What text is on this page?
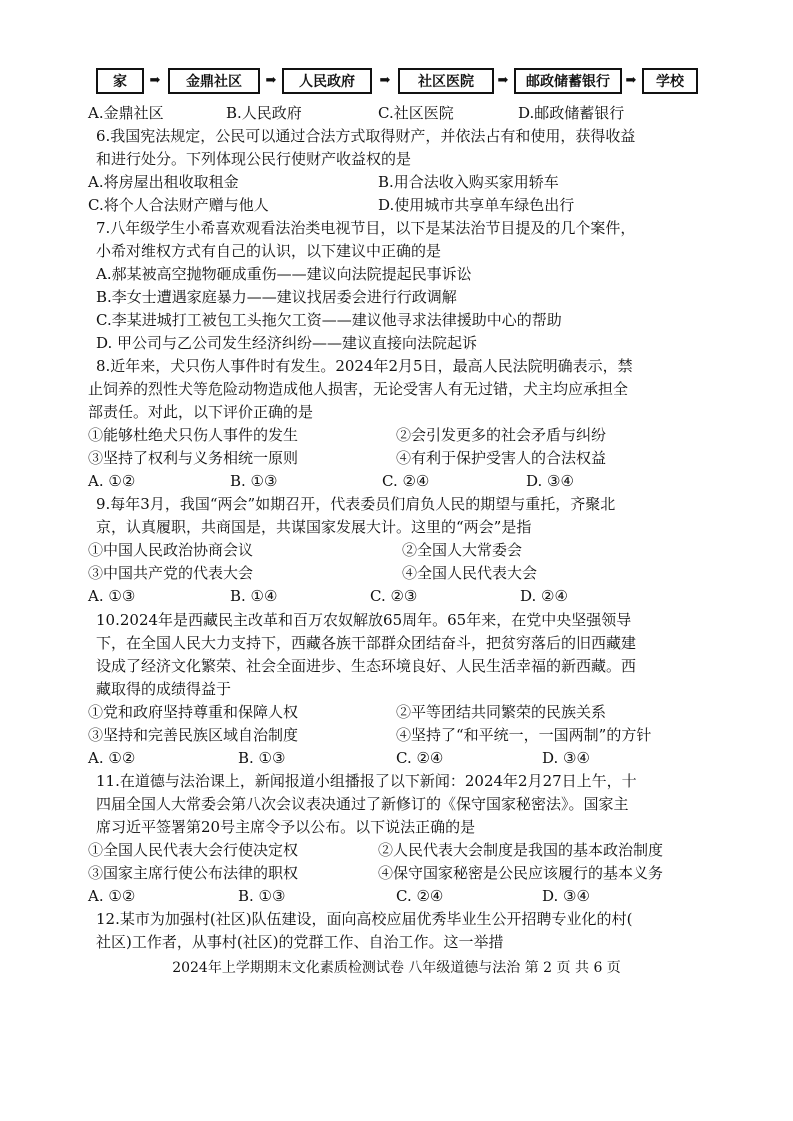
家	➡	金鼎社区	➡	人民政府	➡	社区医院	➡	邮政储蓄银行	➡	学校
A.金鼎社区	B.人民政府	C.社区医院	D.邮政储蓄银行
6.我国宪法规定，公民可以通过合法方式取得财产，并依法占有和使用，获得收益
和进行处分。下列体现公民行使财产收益权的是
A.将房屋出租收取租金	B.用合法收入购买家用轿车
C.将个人合法财产赠与他人	D.使用城市共享单车绿色出行
7.八年级学生小希喜欢观看法治类电视节目，以下是某法治节目提及的几个案件，
小希对维权方式有自己的认识，以下建议中正确的是
A.郝某被高空抛物砸成重伤——建议向法院提起民事诉讼
B.李女士遭遇家庭暴力——建议找居委会进行行政调解
C.李某进城打工被包工头拖欠工资——建议他寻求法律援助中心的帮助
D. 甲公司与乙公司发生经济纠纷——建议直接向法院起诉
8.近年来，犬只伤人事件时有发生。2024年2月5日，最高人民法院明确表示，禁
止饲养的烈性犬等危险动物造成他人损害，无论受害人有无过错，犬主均应承担全
部责任。对此，以下评价正确的是
①能够杜绝犬只伤人事件的发生	②会引发更多的社会矛盾与纠纷
③坚持了权利与义务相统一原则	④有利于保护受害人的合法权益
A. ①②	B. ①③	C. ②④	D. ③④
9.每年3月，我国“两会”如期召开，代表委员们肩负人民的期望与重托，齐聚北
京，认真履职，共商国是，共谋国家发展大计。这里的“两会”是指
①中国人民政治协商会议	②全国人大常委会
③中国共产党的代表大会	④全国人民代表大会
A. ①③	B. ①④	C. ②③	D. ②④
10.2024年是西藏民主改革和百万农奴解放65周年。65年来，在党中央坚强领导
下，在全国人民大力支持下，西藏各族干部群众团结奋斗，把贫穷落后的旧西藏建
设成了经济文化繁荣、社会全面进步、生态环境良好、人民生活幸福的新西藏。西
藏取得的成绩得益于
①党和政府坚持尊重和保障人权	②平等团结共同繁荣的民族关系
③坚持和完善民族区域自治制度	④坚持了“和平统一，一国两制”的方针
A. ①②	B. ①③	C. ②④	D. ③④
11.在道德与法治课上，新闻报道小组播报了以下新闻：2024年2月27日上午，十
四届全国人大常委会第八次会议表决通过了新修订的《保守国家秘密法》。国家主
席习近平签署第20号主席令予以公布。以下说法正确的是
①全国人民代表大会行使决定权	②人民代表大会制度是我国的基本政治制度
③国家主席行使公布法律的职权	④保守国家秘密是公民应该履行的基本义务
A. ①②	B. ①③	C. ②④	D. ③④
12.某市为加强村(社区)队伍建设，面向高校应届优秀毕业生公开招聘专业化的村(
社区)工作者，从事村(社区)的党群工作、自治工作。这一举措
2024年上学期期末文化素质检测试卷 八年级道德与法治 第 2 页 共 6 页
